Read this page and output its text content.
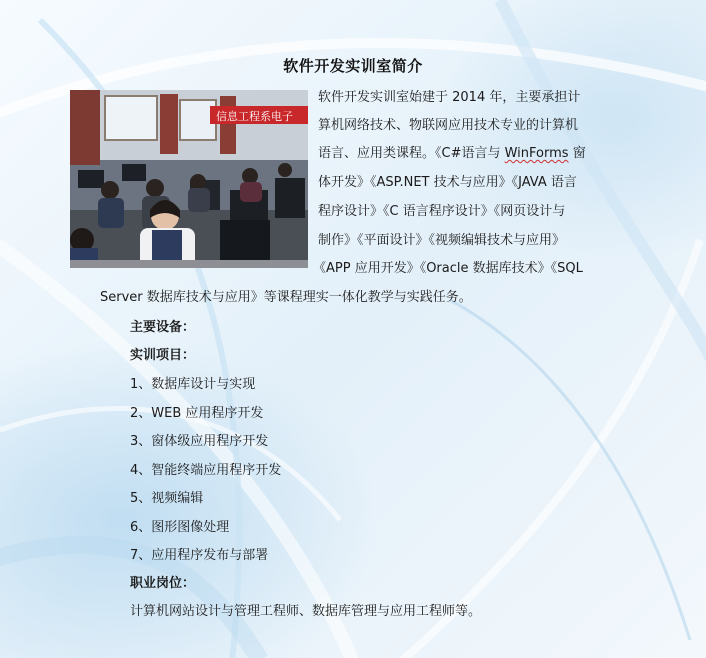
软件开发实训室简介
信息工程系电子
软件开发实训室始建于 2014 年，主要承担计
算机网络技术、物联网应用技术专业的计算机
语言、应用类课程。《C#语言与 WinForms 窗
体开发》《ASP.NET 技术与应用》《JAVA 语言
程序设计》《C 语言程序设计》《网页设计与
制作》《平面设计》《视频编辑技术与应用》
《APP 应用开发》《Oracle 数据库技术》《SQL
Server 数据库技术与应用》等课程理实一体化教学与实践任务。
主要设备：
实训项目：
1、数据库设计与实现
2、WEB 应用程序开发
3、窗体级应用程序开发
4、智能终端应用程序开发
5、视频编辑
6、图形图像处理
7、应用程序发布与部署
职业岗位：
计算机网站设计与管理工程师、数据库管理与应用工程师等。
